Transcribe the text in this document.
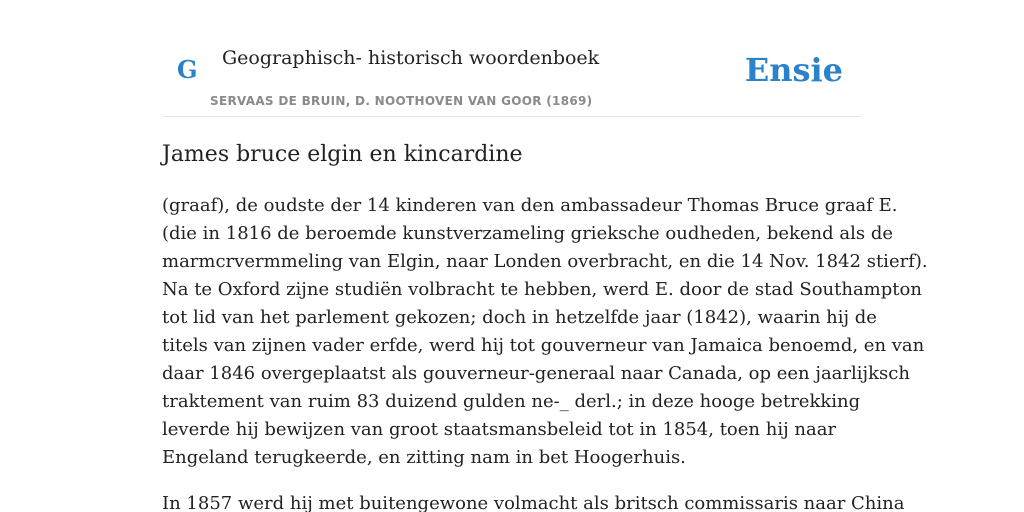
G Geographisch- historisch woordenboek
SERVAAS DE BRUIN, D. NOOTHOVEN VAN GOOR (1869)
Ensie
James bruce elgin en kincardine
(graaf), de oudste der 14 kinderen van den ambassadeur Thomas Bruce graaf E.
(die in 1816 de beroemde kunstverzameling grieksche oudheden, bekend als de
marmcrvermmeling van Elgin, naar Londen overbracht, en die 14 Nov. 1842 stierf).
Na te Oxford zijne studiën volbracht te hebben, werd E. door de stad Southampton
tot lid van het parlement gekozen; doch in hetzelfde jaar (1842), waarin hij de
titels van zijnen vader erfde, werd hij tot gouverneur van Jamaica benoemd, en van
daar 1846 overgeplaatst als gouverneur-generaal naar Canada, op een jaarlijksch
traktement van ruim 83 duizend gulden ne-_ derl.; in deze hooge betrekking
leverde hij bewijzen van groot staatsmansbeleid tot in 1854, toen hij naar
Engeland terugkeerde, en zitting nam in bet Hoogerhuis.
In 1857 werd hij met buitengewone volmacht als britsch commissaris naar China
